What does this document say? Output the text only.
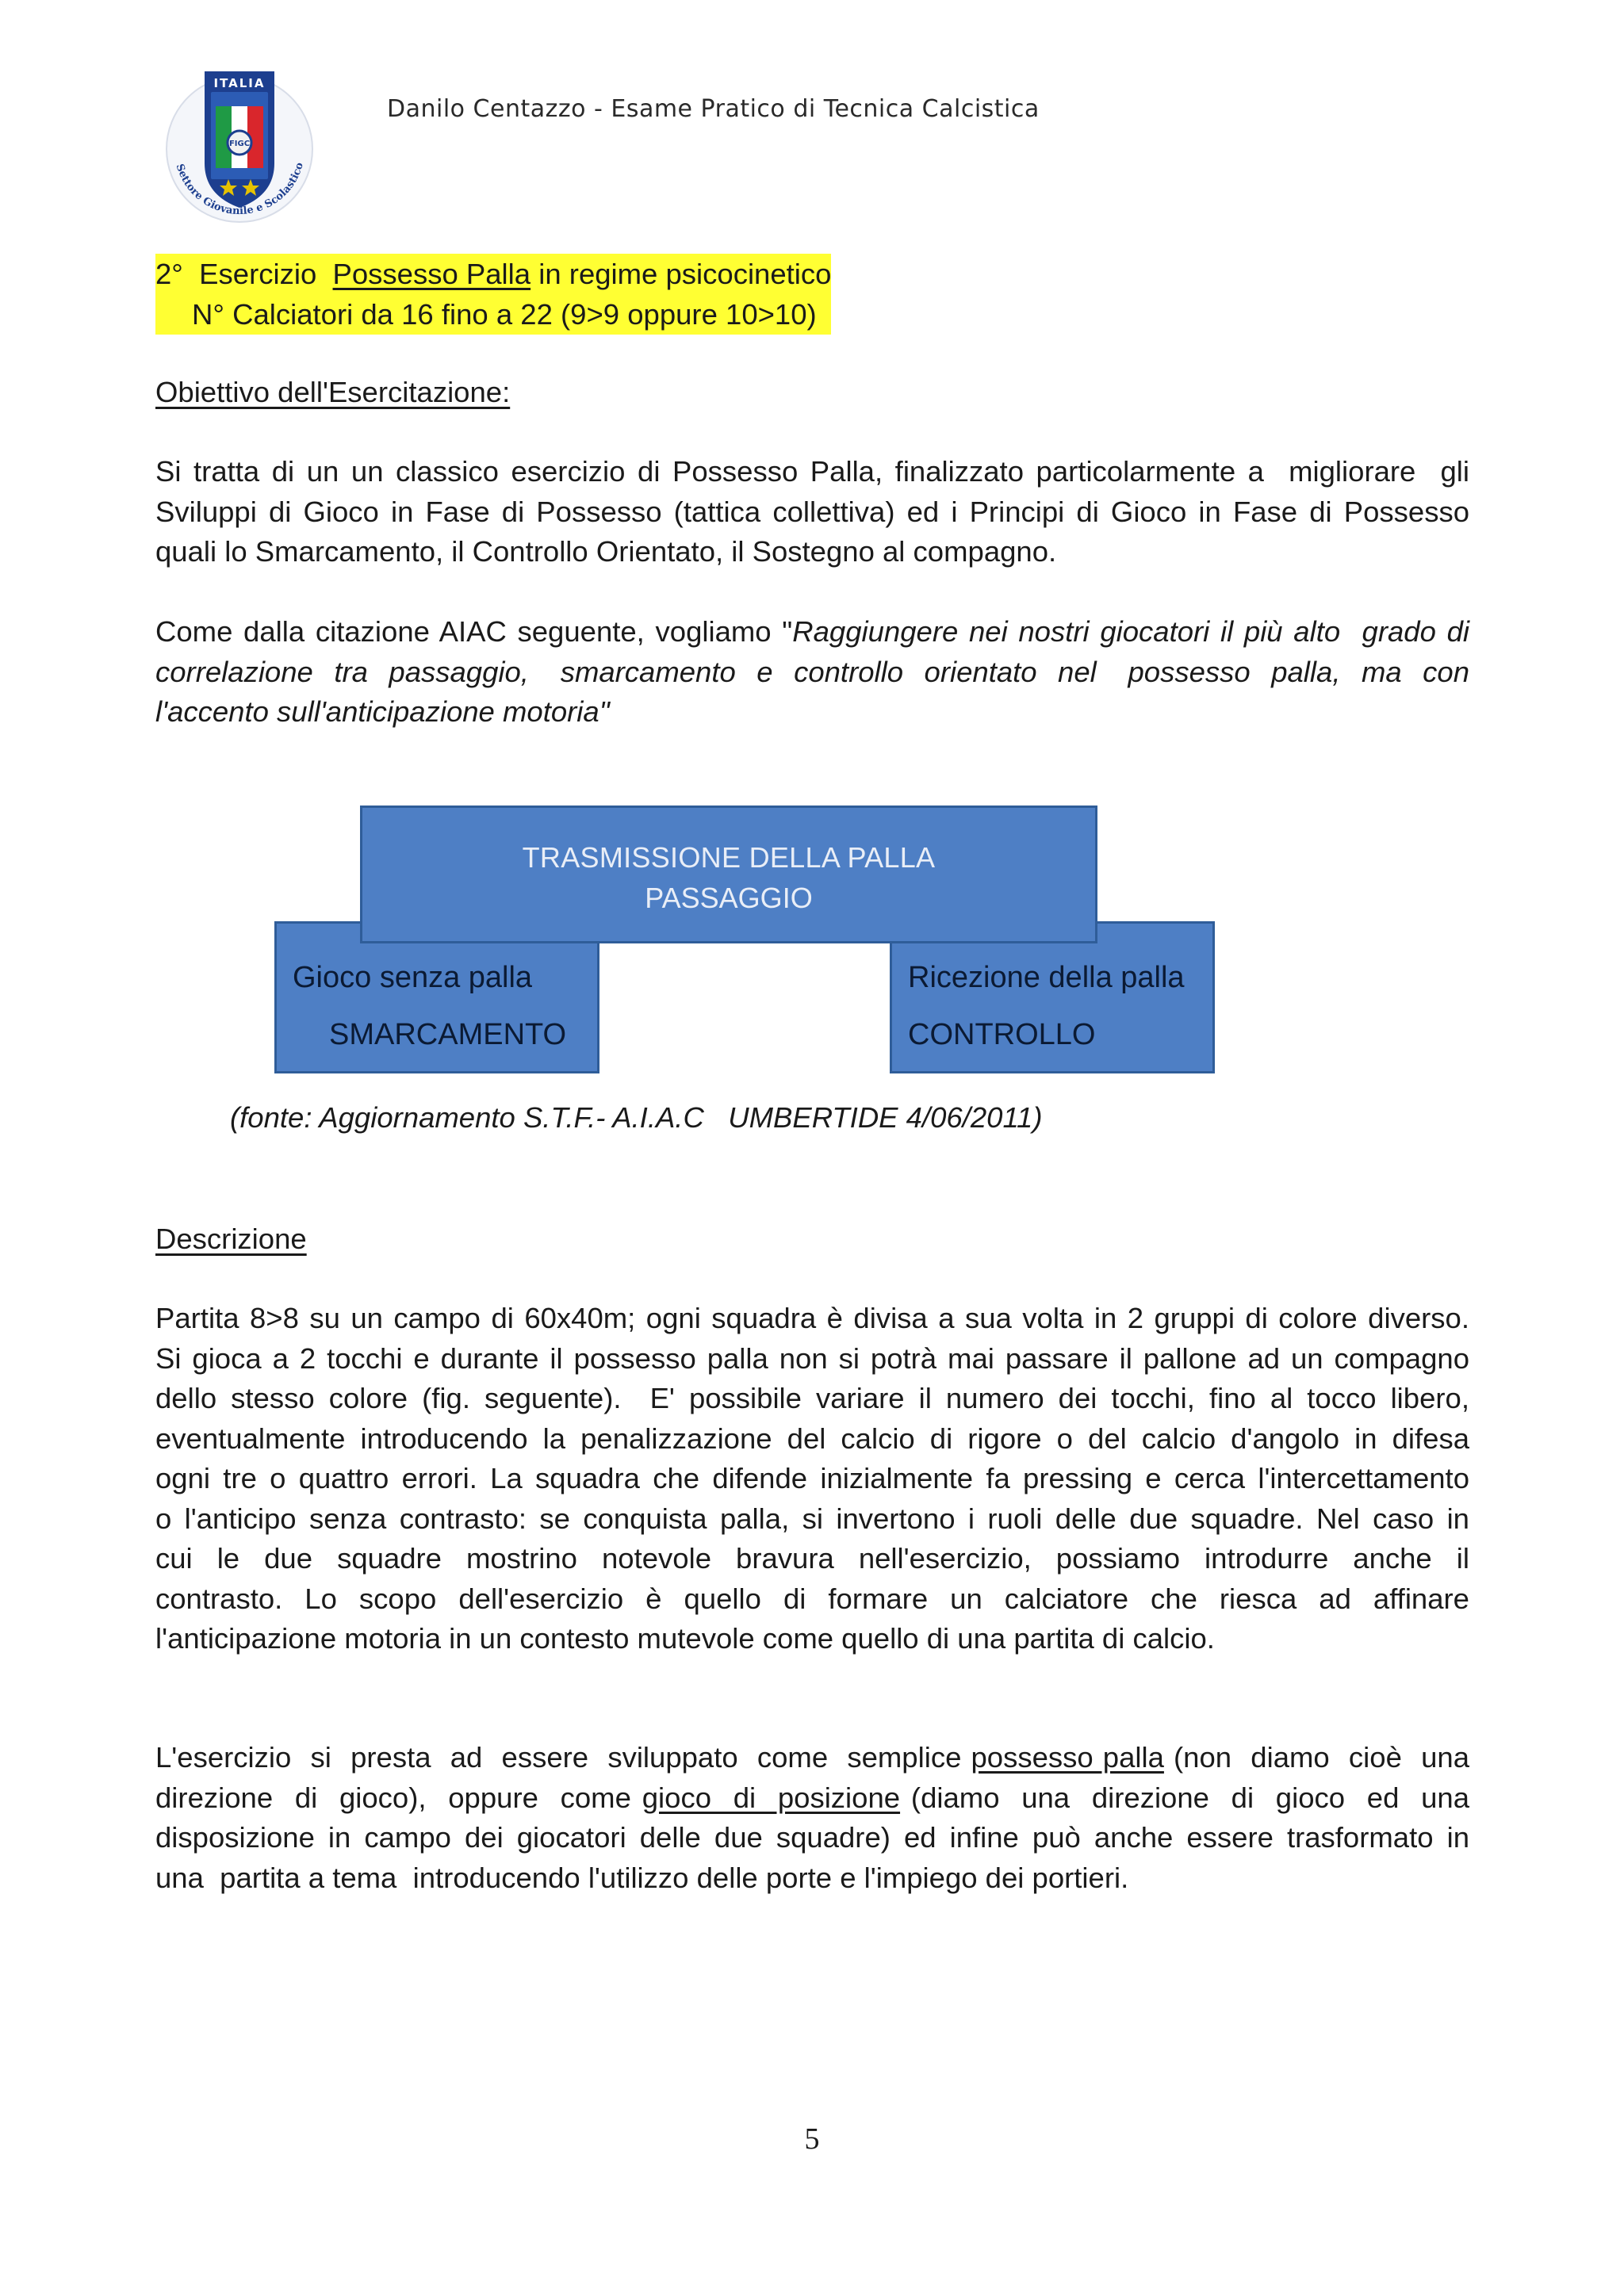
FIGC
ITALIA
Settore Giovanile e Scolastico
Danilo Centazzo - Esame Pratico di Tecnica Calcistica
2°  Esercizio  Possesso Palla in regime psicocinetico
N° Calciatori da 16 fino a 22 (9>9 oppure 10>10)
Obiettivo dell'Esercitazione:
Si tratta di un un classico esercizio di Possesso Palla, finalizzato particolarmente a  migliorare  gli
Sviluppi di Gioco in Fase di Possesso (tattica collettiva) ed i Principi di Gioco in Fase di Possesso
quali lo Smarcamento, il Controllo Orientato, il Sostegno al compagno.
Come dalla citazione AIAC seguente, vogliamo "Raggiungere nei nostri giocatori il più alto  grado di
correlazione  tra  passaggio,   smarcamento  e  controllo  orientato  nel   possesso  palla,  ma  con
l'accento sull'anticipazione motoria"
Gioco senza palla
SMARCAMENTO
Ricezione della palla
CONTROLLO
TRASMISSIONE DELLA PALLA
PASSAGGIO
(fonte: Aggiornamento S.T.F.- A.I.A.C   UMBERTIDE 4/06/2011)
Descrizione
Partita 8>8 su un campo di 60x40m; ogni squadra è divisa a sua volta in 2 gruppi di colore diverso.
Si gioca a 2 tocchi e durante il possesso palla non si potrà mai passare il pallone ad un compagno
dello stesso colore (fig. seguente).  E' possibile variare il numero dei tocchi, fino al tocco libero,
eventualmente introducendo la penalizzazione del calcio di rigore o del calcio d'angolo in difesa
ogni tre o quattro errori. La squadra che difende inizialmente fa pressing e cerca l'intercettamento
o l'anticipo senza contrasto: se conquista palla, si invertono i ruoli delle due squadre. Nel caso in
cui  le  due  squadre  mostrino  notevole  bravura  nell'esercizio,  possiamo  introdurre  anche  il
contrasto.  Lo  scopo  dell'esercizio  è  quello  di  formare  un  calciatore  che  riesca  ad  affinare
l'anticipazione motoria in un contesto mutevole come quello di una partita di calcio.
L'esercizio  si  presta  ad  essere  sviluppato  come  semplice possesso palla (non  diamo  cioè  una
direzione  di  gioco),  oppure  come gioco  di  posizione (diamo  una  direzione  di  gioco  ed  una
disposizione in campo dei giocatori delle due squadre) ed infine può anche essere trasformato in
una  partita a tema  introducendo l'utilizzo delle porte e l'impiego dei portieri.
5
